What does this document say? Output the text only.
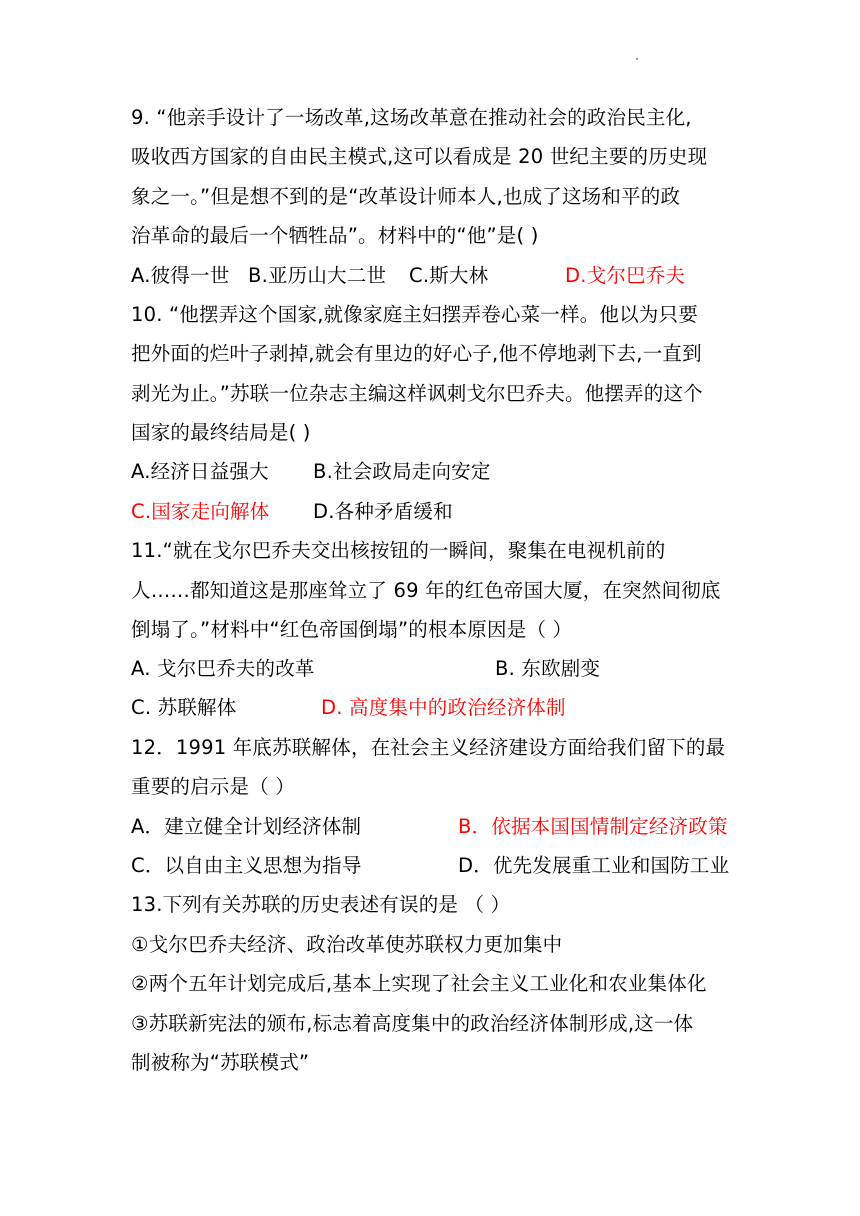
9. “他亲手设计了一场改革,这场改革意在推动社会的政治民主化,
吸收西方国家的自由民主模式,这可以看成是 20 世纪主要的历史现
象之一。”但是想不到的是“改革设计师本人,也成了这场和平的政
治革命的最后一个牺牲品”。材料中的“他”是( )
A.彼得一世 B.亚历山大二世 C.斯大林	D.戈尔巴乔夫
10. “他摆弄这个国家,就像家庭主妇摆弄卷心菜一样。他以为只要
把外面的烂叶子剥掉,就会有里边的好心子,他不停地剥下去,一直到
剥光为止。”苏联一位杂志主编这样讽刺戈尔巴乔夫。他摆弄的这个
国家的最终结局是( )
A.经济日益强大 B.社会政局走向安定
C.国家走向解体 D.各种矛盾缓和
11.“就在戈尔巴乔夫交出核按钮的一瞬间，聚集在电视机前的
人……都知道这是那座耸立了 69 年的红色帝国大厦，在突然间彻底
倒塌了。”材料中“红色帝国倒塌”的根本原因是（ ）
A. 戈尔巴乔夫的改革	B. 东欧剧变
C. 苏联解体	D. 高度集中的政治经济体制
12．1991 年底苏联解体，在社会主义经济建设方面给我们留下的最
重要的启示是（ ）
A．建立健全计划经济体制	B．依据本国国情制定经济政策
C．以自由主义思想为指导	D．优先发展重工业和国防工业
13.下列有关苏联的历史表述有误的是 （ ）
①戈尔巴乔夫经济、政治改革使苏联权力更加集中
②两个五年计划完成后,基本上实现了社会主义工业化和农业集体化
③苏联新宪法的颁布,标志着高度集中的政治经济体制形成,这一体
制被称为“苏联模式”
